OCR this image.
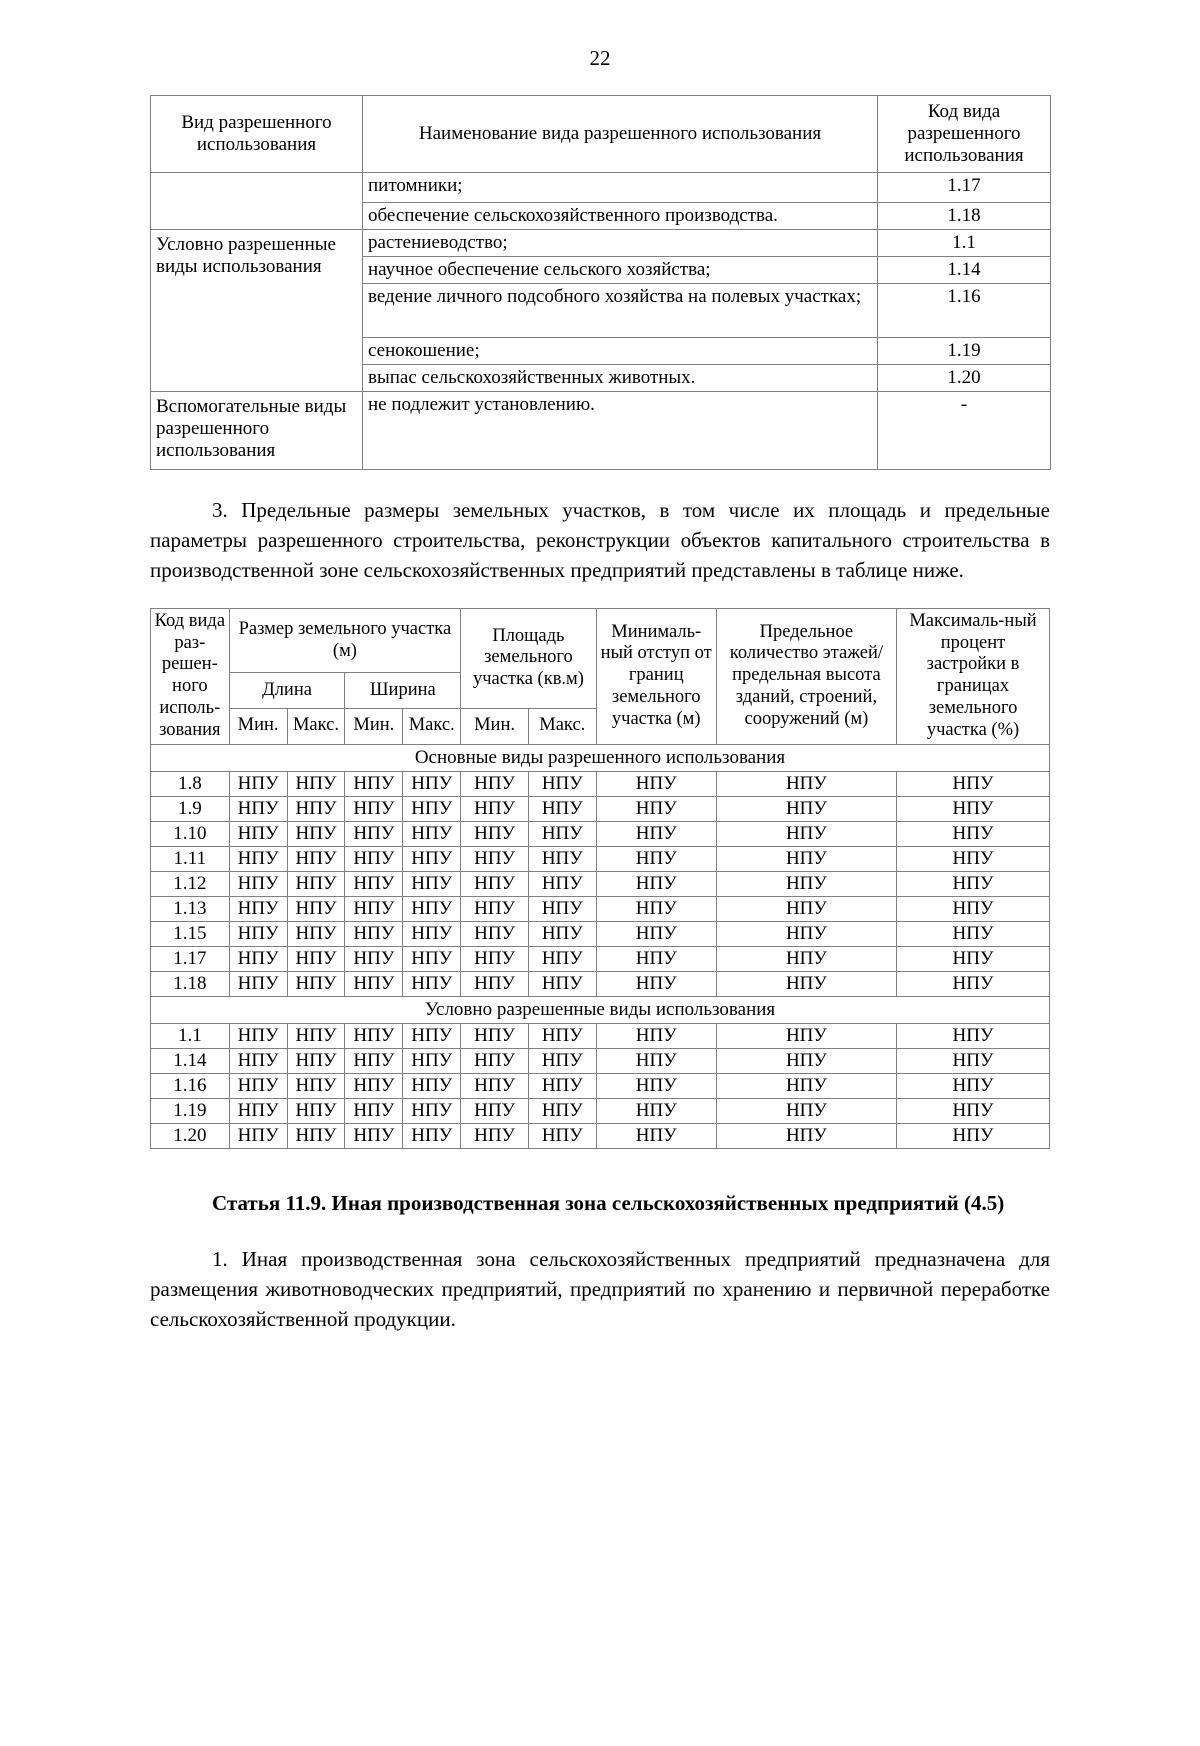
22
Вид разрешенного использования	Наименование вида разрешенного использования	Код вида разрешенного использования
	питомники;	1.17
	обеспечение сельскохозяйственного производства.	1.18
Условно разрешенные виды использования	растениеводство;	1.1
	научное обеспечение сельского хозяйства;	1.14
	ведение личного подсобного хозяйства на полевых участках;	1.16
	сенокошение;	1.19
	выпас сельскохозяйственных животных.	1.20
Вспомогательные виды разрешенного использования	не подлежит установлению.	-

3. Предельные размеры земельных участков, в том числе их площадь и предельные параметры разрешенного строительства, реконструкции объектов капитального строительства в производственной зоне сельскохозяйственных предприятий представлены в таблице ниже.

Код вида раз-решен-ного исполь-зования	Размер земельного участка (м)				Площадь земельного участка (кв.м)		Минималь-ный отступ от границ земельного участка (м)	Предельное количество этажей/ предельная высота зданий, строений, сооружений (м)	Максималь-ный процент застройки в границах земельного участка (%)
	Длина		Ширина						
	Мин.	Макс.	Мин.	Макс.	Мин.	Макс.			
Основные виды разрешенного использования									
1.8	НПУ	НПУ	НПУ	НПУ	НПУ	НПУ	НПУ	НПУ	НПУ
1.9	НПУ	НПУ	НПУ	НПУ	НПУ	НПУ	НПУ	НПУ	НПУ
1.10	НПУ	НПУ	НПУ	НПУ	НПУ	НПУ	НПУ	НПУ	НПУ
1.11	НПУ	НПУ	НПУ	НПУ	НПУ	НПУ	НПУ	НПУ	НПУ
1.12	НПУ	НПУ	НПУ	НПУ	НПУ	НПУ	НПУ	НПУ	НПУ
1.13	НПУ	НПУ	НПУ	НПУ	НПУ	НПУ	НПУ	НПУ	НПУ
1.15	НПУ	НПУ	НПУ	НПУ	НПУ	НПУ	НПУ	НПУ	НПУ
1.17	НПУ	НПУ	НПУ	НПУ	НПУ	НПУ	НПУ	НПУ	НПУ
1.18	НПУ	НПУ	НПУ	НПУ	НПУ	НПУ	НПУ	НПУ	НПУ
Условно разрешенные виды использования									
1.1	НПУ	НПУ	НПУ	НПУ	НПУ	НПУ	НПУ	НПУ	НПУ
1.14	НПУ	НПУ	НПУ	НПУ	НПУ	НПУ	НПУ	НПУ	НПУ
1.16	НПУ	НПУ	НПУ	НПУ	НПУ	НПУ	НПУ	НПУ	НПУ
1.19	НПУ	НПУ	НПУ	НПУ	НПУ	НПУ	НПУ	НПУ	НПУ
1.20	НПУ	НПУ	НПУ	НПУ	НПУ	НПУ	НПУ	НПУ	НПУ
Статья 11.9. Иная производственная зона сельскохозяйственных предприятий (4.5)

1. Иная производственная зона сельскохозяйственных предприятий предназначена для размещения животноводческих предприятий, предприятий по хранению и первичной переработке сельскохозяйственной продукции.
